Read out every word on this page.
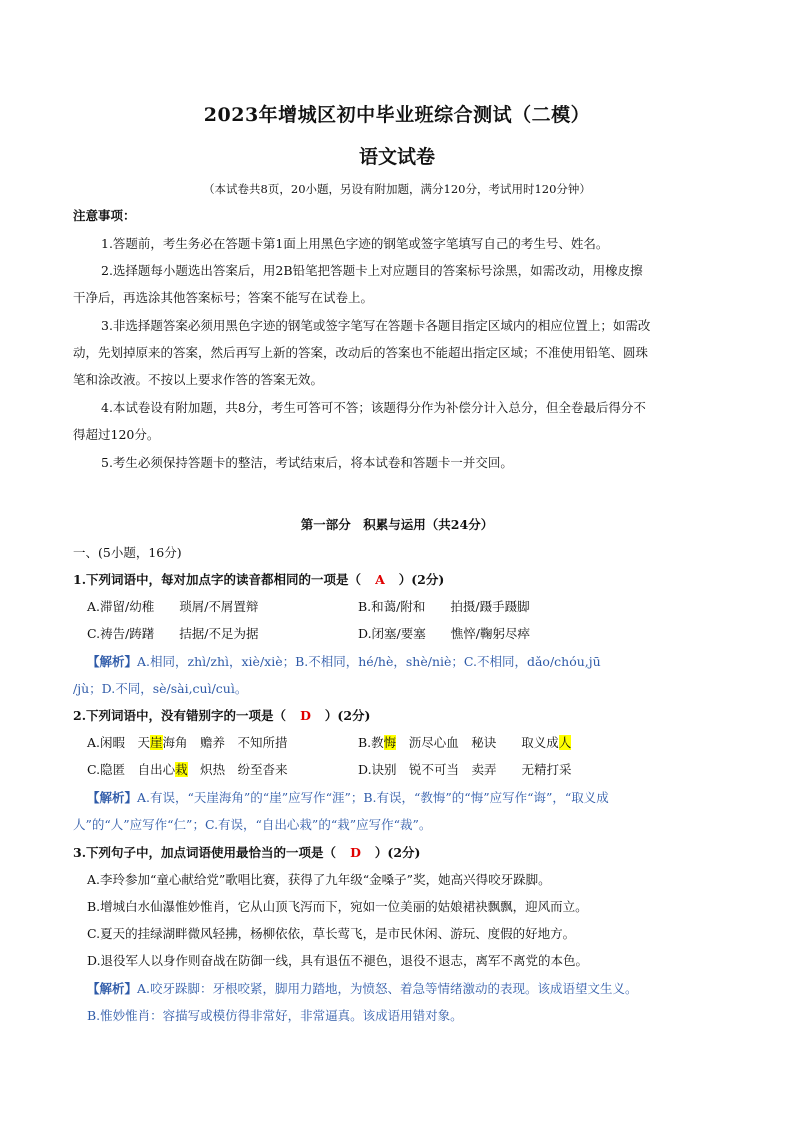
2023年增城区初中毕业班综合测试（二模）
语文试卷
（本试卷共8页，20小题，另设有附加题，满分120分，考试用时120分钟）
注意事项：
1.答题前，考生务必在答题卡第1面上用黑色字迹的钢笔或签字笔填写自己的考生号、姓名。
2.选择题每小题选出答案后，用2B铅笔把答题卡上对应题目的答案标号涂黑，如需改动，用橡皮擦
干净后，再选涂其他答案标号；答案不能写在试卷上。
3.非选择题答案必须用黑色字迹的钢笔或签字笔写在答题卡各题目指定区域内的相应位置上；如需改
动，先划掉原来的答案，然后再写上新的答案，改动后的答案也不能超出指定区域；不准使用铅笔、圆珠
笔和涂改液。不按以上要求作答的答案无效。
4.本试卷设有附加题，共8分，考生可答可不答；该题得分作为补偿分计入总分，但全卷最后得分不
得超过120分。
5.考生必须保持答题卡的整洁，考试结束后，将本试卷和答题卡一并交回。
第一部分　积累与运用（共24分）
一、(5小题，16分)
1.下列词语中，每对加点字的读音都相同的一项是（ A ）(2分)
A.滞留/幼稚　　琐屑/不屑置辩	B.和蔼/附和　　拍摄/蹑手蹑脚
C.祷告/踌躇　　拮据/不足为据	D.闭塞/要塞　　憔悴/鞠躬尽瘁
【解析】A.相同，zhì/zhì，xiè/xiè；B.不相同，hé/hè，shè/niè；C.不相同，dǎo/chóu,jū
/jù；D.不同，sè/sài,cuì/cuì。
2.下列词语中，没有错别字的一项是（ D ）(2分)
A.闲暇　天崖海角　赡养　不知所措	B.教悔　沥尽心血　秘诀　　取义成人
C.隐匿　自出心栽　炽热　纷至沓来	D.诀别　锐不可当　卖弄　　无精打采
【解析】A.有误，“天崖海角”的“崖”应写作“涯”；B.有误，“教悔”的“悔”应写作“诲”，“取义成
人”的“人”应写作“仁”；C.有误，“自出心栽”的“栽”应写作“裁”。
3.下列句子中，加点词语使用最恰当的一项是（ D ）(2分)
A.李玲参加“童心献给党”歌唱比赛，获得了九年级“金嗓子”奖，她高兴得咬牙跺脚。
B.增城白水仙瀑惟妙惟肖，它从山顶飞泻而下，宛如一位美丽的姑娘裙袂飘飘，迎风而立。
C.夏天的挂绿湖畔微风轻拂，杨柳依依，草长莺飞，是市民休闲、游玩、度假的好地方。
D.退役军人以身作则奋战在防御一线，具有退伍不褪色，退役不退志，离军不离党的本色。
【解析】A.咬牙跺脚：牙根咬紧，脚用力踏地，为愤怒、着急等情绪激动的表现。该成语望文生义。
B.惟妙惟肖：容描写或模仿得非常好，非常逼真。该成语用错对象。
